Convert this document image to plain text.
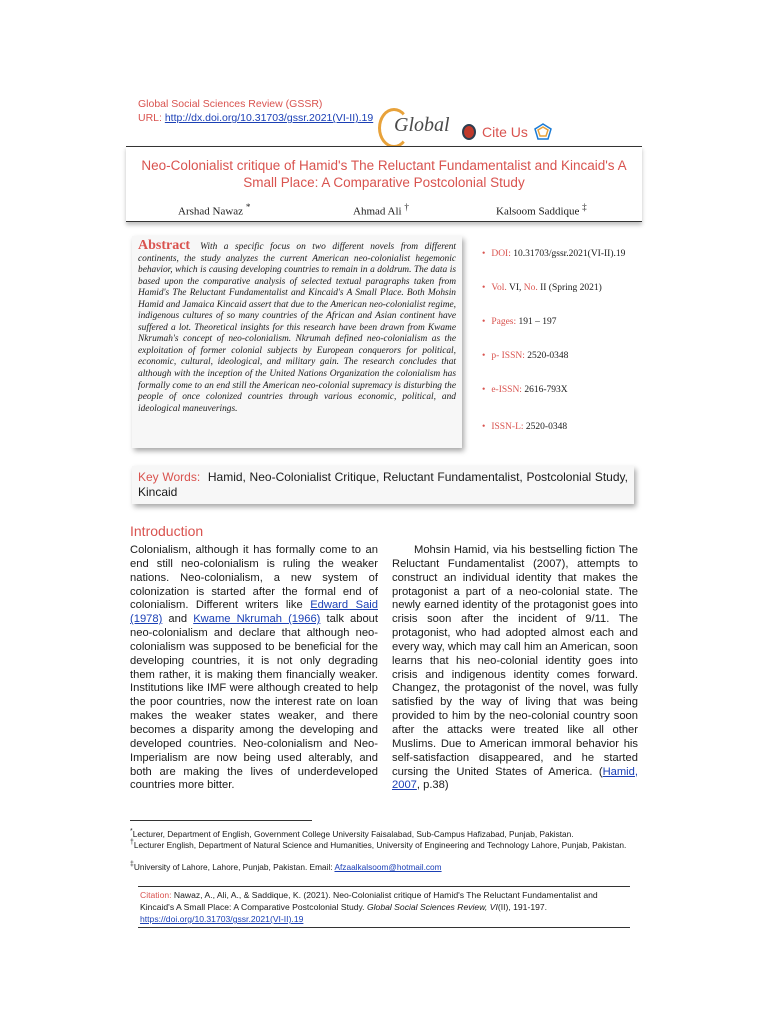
Global Social Sciences Review (GSSR)
URL: http://dx.doi.org/10.31703/gssr.2021(VI-II).19 Global Cite Us
Neo-Colonialist critique of Hamid's The Reluctant Fundamentalist and Kincaid's A Small Place: A Comparative Postcolonial Study
Arshad Nawaz *	Ahmad Ali †	Kalsoom Saddique ‡
Abstract With a specific focus on two different novels from different continents, the study analyzes the current American neo-colonialist hegemonic behavior, which is causing developing countries to remain in a doldrum. The data is based upon the comparative analysis of selected textual paragraphs taken from Hamid's The Reluctant Fundamentalist and Kincaid's A Small Place. Both Mohsin Hamid and Jamaica Kincaid assert that due to the American neo-colonialist regime, indigenous cultures of so many countries of the African and Asian continent have suffered a lot. Theoretical insights for this research have been drawn from Kwame Nkrumah's concept of neo-colonialism. Nkrumah defined neo-colonialism as the exploitation of former colonial subjects by European conquerors for political, economic, cultural, ideological, and military gain. The research concludes that although with the inception of the United Nations Organization the colonialism has formally come to an end still the American neo-colonial supremacy is disturbing the people of once colonized countries through various economic, political, and ideological maneuverings.
• DOI: 10.31703/gssr.2021(VI-II).19
• Vol. VI, No. II (Spring 2021)
• Pages: 191 – 197
• p- ISSN: 2520-0348
• e-ISSN: 2616-793X
• ISSN-L: 2520-0348
Key Words: Hamid, Neo-Colonialist Critique, Reluctant Fundamentalist, Postcolonial Study, Kincaid
Introduction
Colonialism, although it has formally come to an end still neo-colonialism is ruling the weaker nations. Neo-colonialism, a new system of colonization is started after the formal end of colonialism. Different writers like Edward Said (1978) and Kwame Nkrumah (1966) talk about neo-colonialism and declare that although neo-colonialism was supposed to be beneficial for the developing countries, it is not only degrading them rather, it is making them financially weaker. Institutions like IMF were although created to help the poor countries, now the interest rate on loan makes the weaker states weaker, and there becomes a disparity among the developing and developed countries. Neo-colonialism and Neo-Imperialism are now being used alterably, and both are making the lives of underdeveloped countries more bitter.
Mohsin Hamid, via his bestselling fiction The Reluctant Fundamentalist (2007), attempts to construct an individual identity that makes the protagonist a part of a neo-colonial state. The newly earned identity of the protagonist goes into crisis soon after the incident of 9/11. The protagonist, who had adopted almost each and every way, which may call him an American, soon learns that his neo-colonial identity goes into crisis and indigenous identity comes forward. Changez, the protagonist of the novel, was fully satisfied by the way of living that was being provided to him by the neo-colonial country soon after the attacks were treated like all other Muslims. Due to American immoral behavior his self-satisfaction disappeared, and he started cursing the United States of America. (Hamid, 2007, p.38)
*Lecturer, Department of English, Government College University Faisalabad, Sub-Campus Hafizabad, Punjab, Pakistan.
†Lecturer English, Department of Natural Science and Humanities, University of Engineering and Technology Lahore, Punjab, Pakistan.
‡University of Lahore, Lahore, Punjab, Pakistan. Email: Afzaalkalsoom@hotmail.com
Citation: Nawaz, A., Ali, A., & Saddique, K. (2021). Neo-Colonialist critique of Hamid's The Reluctant Fundamentalist and Kincaid's A Small Place: A Comparative Postcolonial Study. Global Social Sciences Review, VI(II), 191-197. https://doi.org/10.31703/gssr.2021(VI-II).19
